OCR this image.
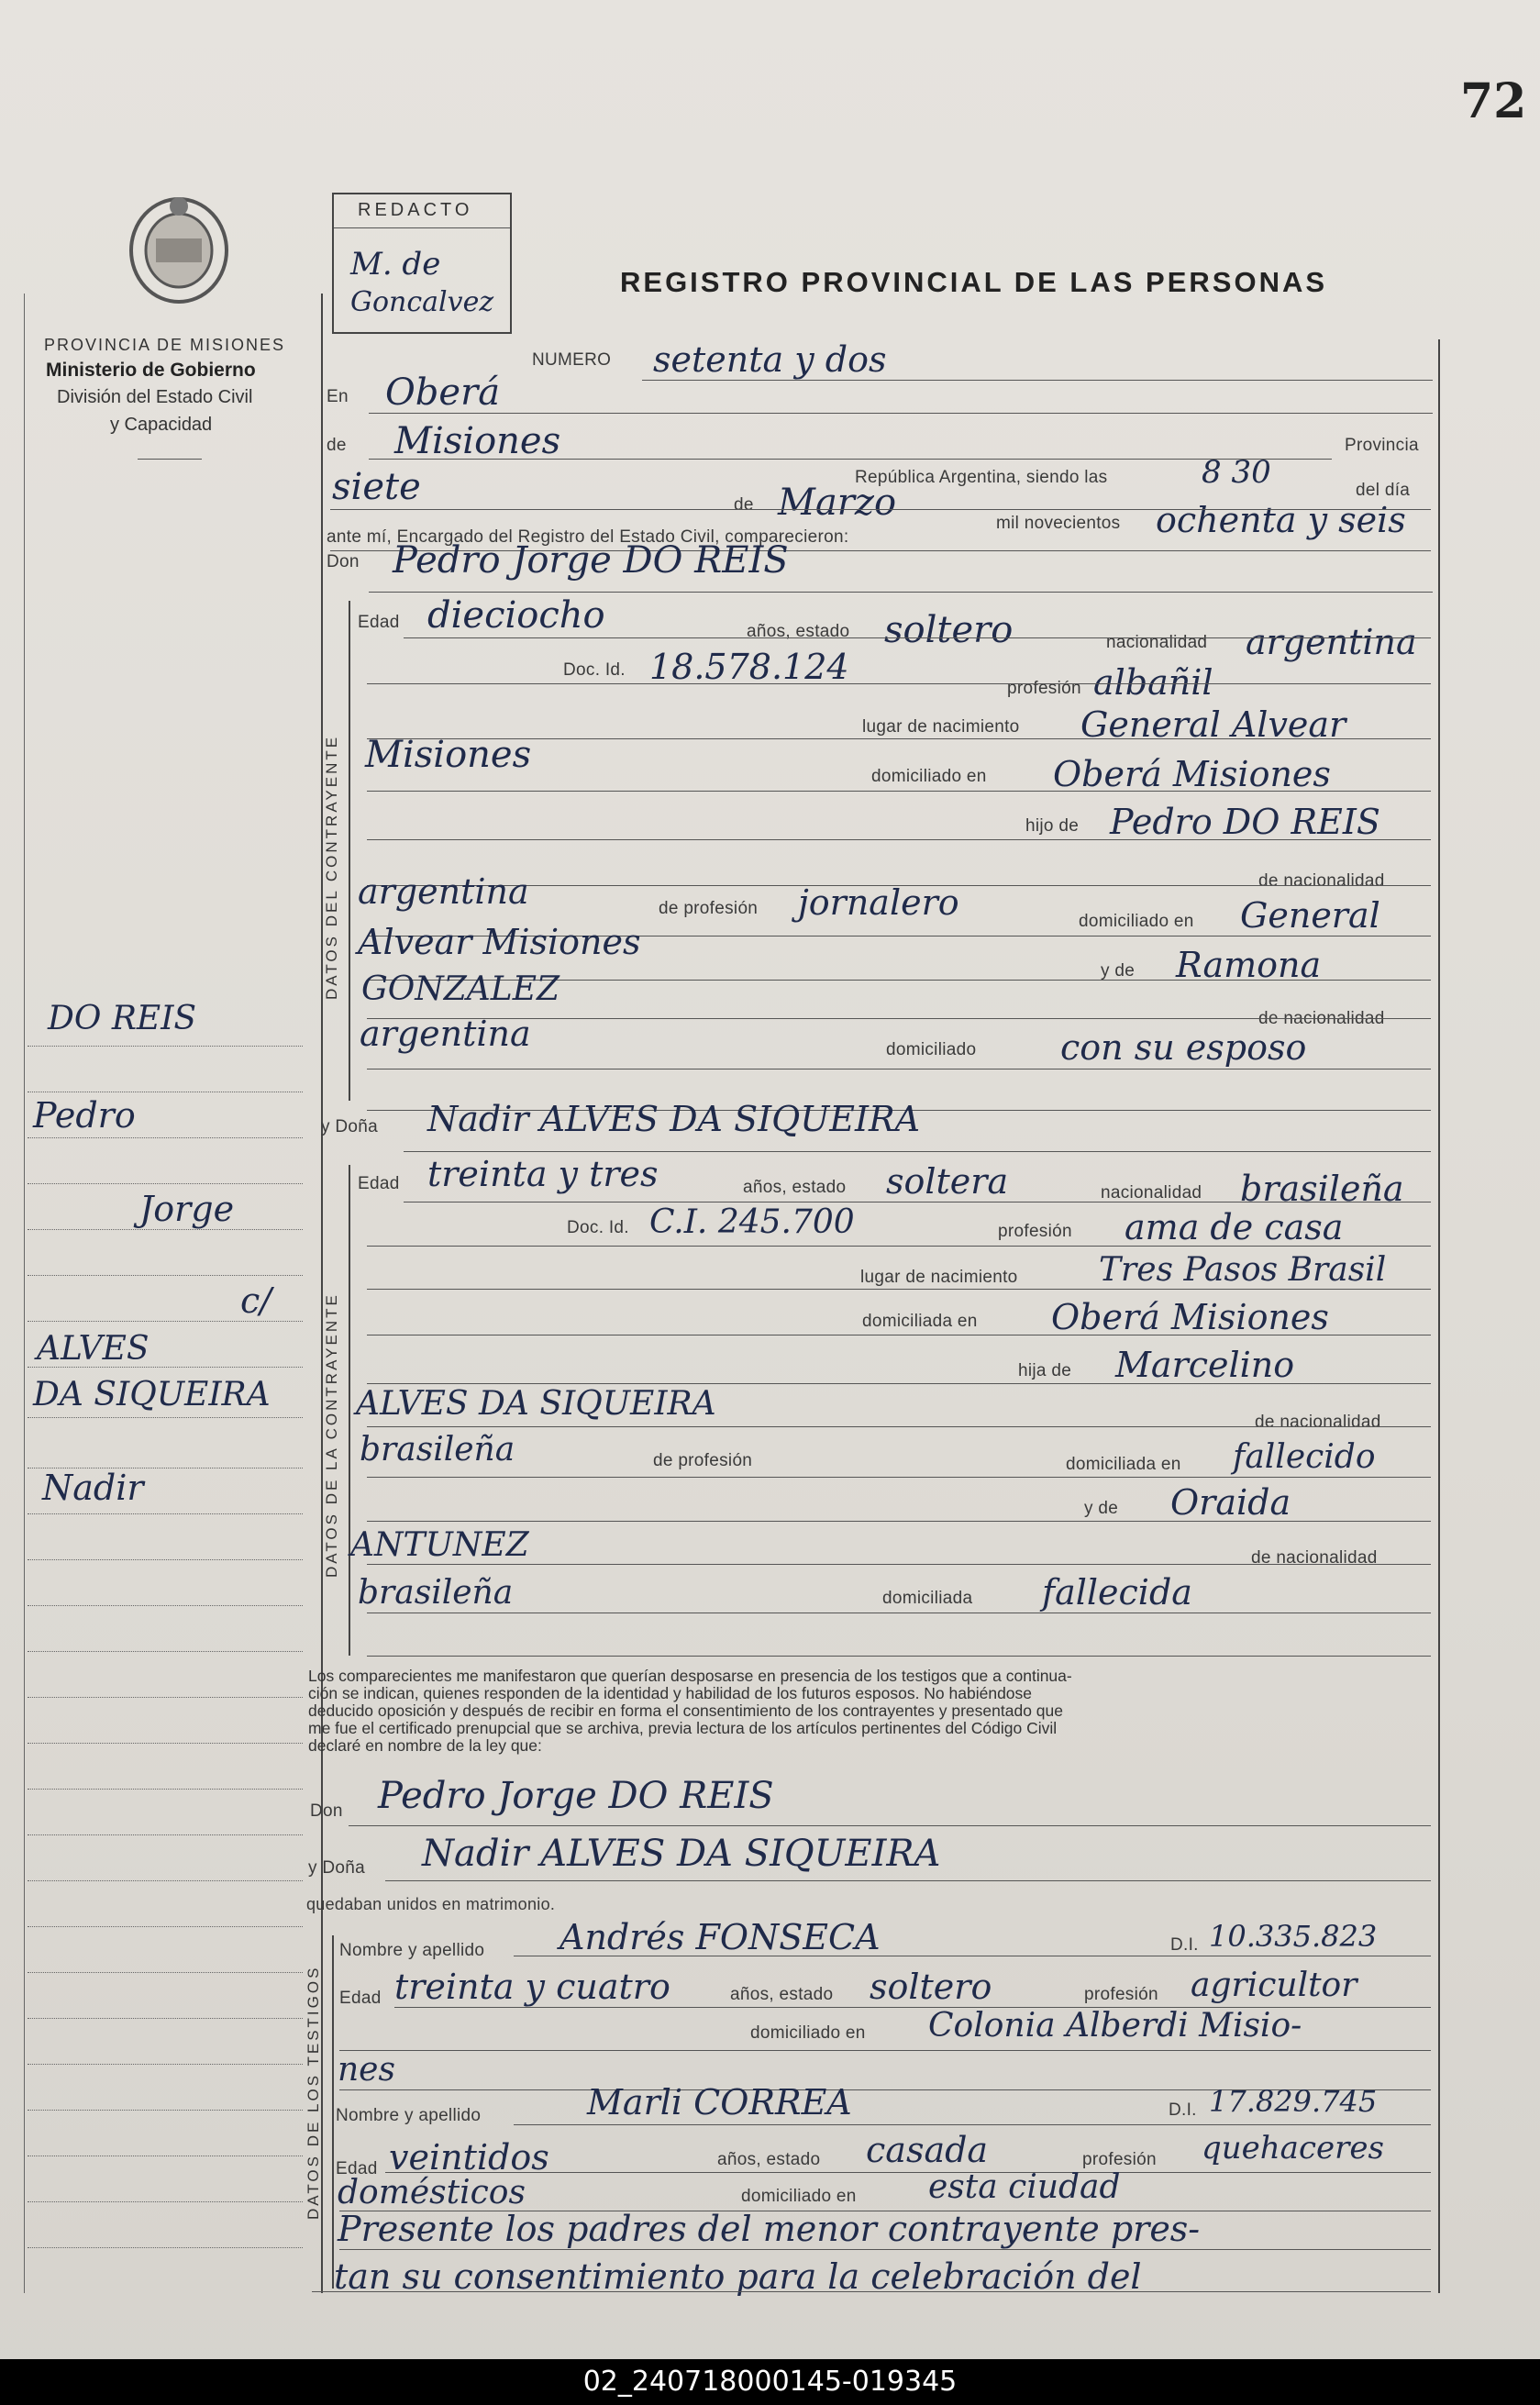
72
PROVINCIA DE MISIONES
Ministerio de Gobierno
División del Estado Civil
y Capacidad
REDACTO
M. de
Goncalvez
REGISTRO PROVINCIAL DE LAS PERSONAS
DATOS DEL CONTRAYENTE
DATOS DE LA CONTRAYENTE
DATOS DE LOS TESTIGOS
NUMERO setenta y dos
En Oberá
de Misiones	Provincia
República Argentina, siendo las	8 30	del día
siete	de Marzo	mil novecientos ochenta y seis
ante mí, Encargado del Registro del Estado Civil, comparecieron:
Don Pedro Jorge DO REIS
Edad dieciocho	años, estado soltero	nacionalidad argentina
Doc. Id. 18.578.124
profesión albañil
lugar de nacimiento General Alvear
Misiones
domiciliado en Oberá Misiones
hijo de Pedro DO REIS
de nacionalidad
argentina	de profesión jornalero	domiciliado en General
Alvear Misiones
y de Ramona
GONZALEZ
de nacionalidad
argentina	domiciliado con su esposo
y Doña Nadir ALVES DA SIQUEIRA
Edad treinta y tres	años, estado soltera	nacionalidad brasileña
Doc. Id. C.I. 245.700	profesión ama de casa
lugar de nacimiento Tres Pasos Brasil
domiciliada en Oberá Misiones
hija de Marcelino
ALVES DA SIQUEIRA	de nacionalidad
brasileña	de profesión	domiciliada en fallecido
y de Oraida
ANTUNEZ	de nacionalidad
brasileña	domiciliada fallecida
Los comparecientes me manifestaron que querían desposarse en presencia de los testigos que a continua-
ción se indican, quienes responden de la identidad y habilidad de los futuros esposos. No habiéndose
deducido oposición y después de recibir en forma el consentimiento de los contrayentes y presentado que
me fue el certificado prenupcial que se archiva, previa lectura de los artículos pertinentes del Código Civil
declaré en nombre de la ley que:
Don Pedro Jorge DO REIS
y Doña Nadir ALVES DA SIQUEIRA
quedaban unidos en matrimonio.
Nombre y apellido Andrés FONSECA	D.I. 10.335.823
Edad treinta y cuatro	años, estado soltero	profesión agricultor
domiciliado en Colonia Alberdi Misio-
nes
Nombre y apellido	Marli CORREA	D.I. 17.829.745
Edad veintidos	años, estado casada	profesión quehaceres
domésticos	domiciliado en esta ciudad
Presente los padres del menor contrayente pres-
tan su consentimiento para la celebración del
DO REIS
Pedro
Jorge
c/
ALVES
DA SIQUEIRA
Nadir
02_240718000145-019345
